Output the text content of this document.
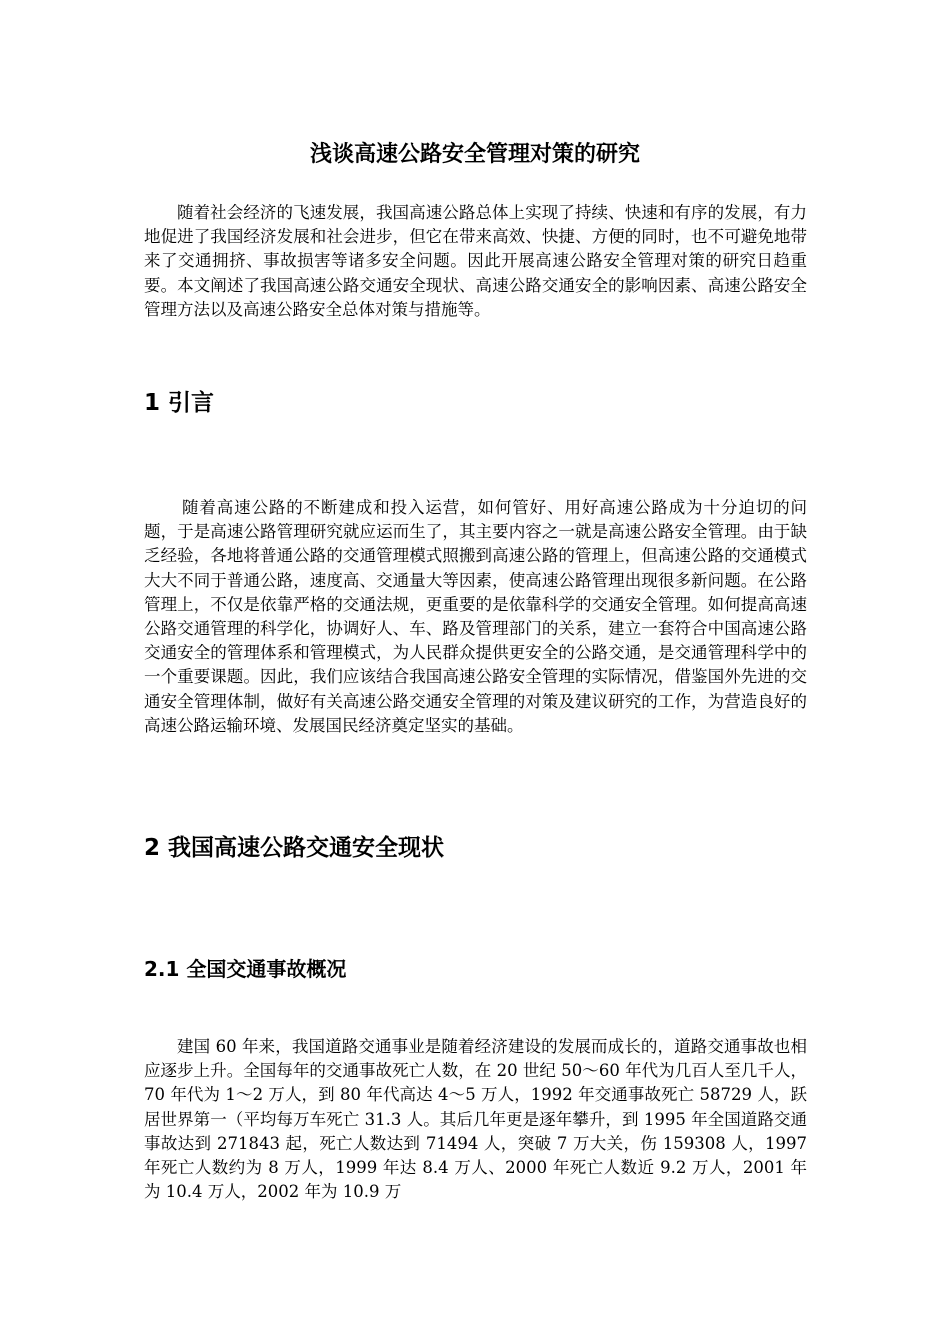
浅谈高速公路安全管理对策的研究

随着社会经济的飞速发展，我国高速公路总体上实现了持续、快速和有序的发展，有力地促进了我国经济发展和社会进步，但它在带来高效、快捷、方便的同时，也不可避免地带来了交通拥挤、事故损害等诸多安全问题。因此开展高速公路安全管理对策的研究日趋重要。本文阐述了我国高速公路交通安全现状、高速公路交通安全的影响因素、高速公路安全管理方法以及高速公路安全总体对策与措施等。

1 引言

随着高速公路的不断建成和投入运营，如何管好、用好高速公路成为十分迫切的问题，于是高速公路管理研究就应运而生了，其主要内容之一就是高速公路安全管理。由于缺乏经验，各地将普通公路的交通管理模式照搬到高速公路的管理上，但高速公路的交通模式大大不同于普通公路，速度高、交通量大等因素，使高速公路管理出现很多新问题。在公路管理上，不仅是依靠严格的交通法规，更重要的是依靠科学的交通安全管理。如何提高高速公路交通管理的科学化，协调好人、车、路及管理部门的关系，建立一套符合中国高速公路交通安全的管理体系和管理模式，为人民群众提供更安全的公路交通，是交通管理科学中的一个重要课题。因此，我们应该结合我国高速公路安全管理的实际情况，借鉴国外先进的交通安全管理体制，做好有关高速公路交通安全管理的对策及建议研究的工作，为营造良好的高速公路运输环境、发展国民经济奠定坚实的基础。

2 我国高速公路交通安全现状
2.1 全国交通事故概况

建国 60 年来，我国道路交通事业是随着经济建设的发展而成长的，道路交通事故也相应逐步上升。全国每年的交通事故死亡人数，在 20 世纪 50～60 年代为几百人至几千人，70 年代为 1～2 万人，到 80 年代高达 4～5 万人，1992 年交通事故死亡 58729 人，跃居世界第一（平均每万车死亡 31.3 人。其后几年更是逐年攀升，到 1995 年全国道路交通事故达到 271843 起，死亡人数达到 71494 人，突破 7 万大关，伤 159308 人，1997 年死亡人数约为 8 万人，1999 年达 8.4 万人、2000 年死亡人数近 9.2 万人，2001 年为 10.4 万人，2002 年为 10.9 万
